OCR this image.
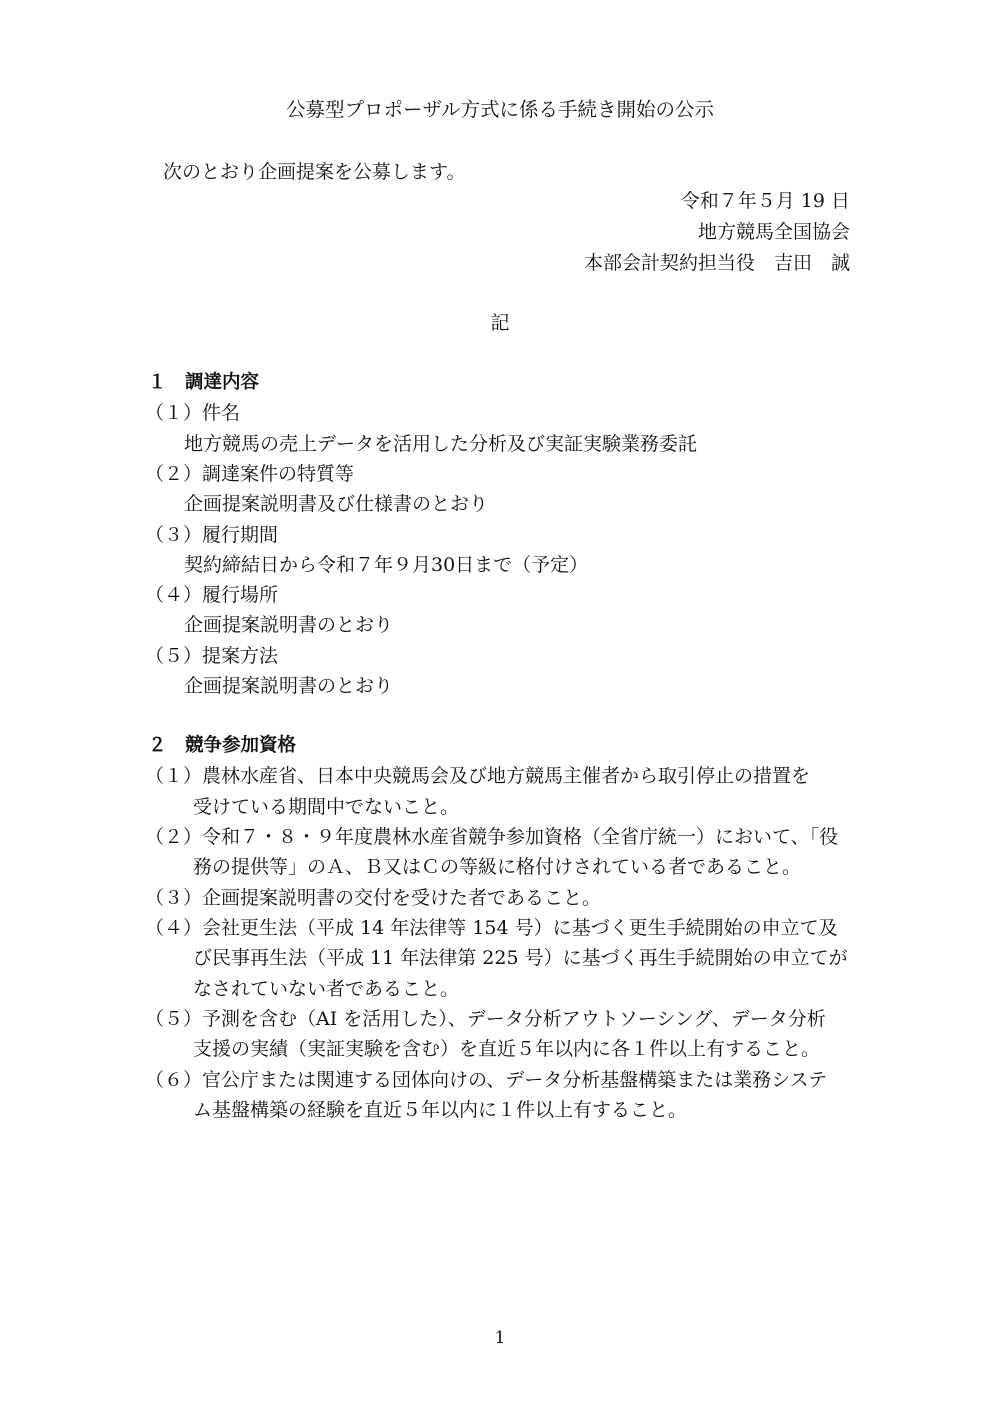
公募型プロポーザル方式に係る手続き開始の公示
次のとおり企画提案を公募します。
令和７年５月 19 日
地方競馬全国協会
本部会計契約担当役　吉田　誠
記
１　調達内容
（１）件名
地方競馬の売上データを活用した分析及び実証実験業務委託
（２）調達案件の特質等
企画提案説明書及び仕様書のとおり
（３）履行期間
契約締結日から令和７年９月30日まで（予定）
（４）履行場所
企画提案説明書のとおり
（５）提案方法
企画提案説明書のとおり
２　競争参加資格
（１）農林水産省、日本中央競馬会及び地方競馬主催者から取引停止の措置を
受けている期間中でないこと。
（２）令和７・８・９年度農林水産省競争参加資格（全省庁統一）において、「役
務の提供等」のＡ、Ｂ又はＣの等級に格付けされている者であること。
（３）企画提案説明書の交付を受けた者であること。
（４）会社更生法（平成 14 年法律等 154 号）に基づく更生手続開始の申立て及
び民事再生法（平成 11 年法律第 225 号）に基づく再生手続開始の申立てが
なされていない者であること。
（５）予測を含む（AI を活用した）、データ分析アウトソーシング、データ分析
支援の実績（実証実験を含む）を直近５年以内に各１件以上有すること。
（６）官公庁または関連する団体向けの、データ分析基盤構築または業務システ
ム基盤構築の経験を直近５年以内に１件以上有すること。
1
